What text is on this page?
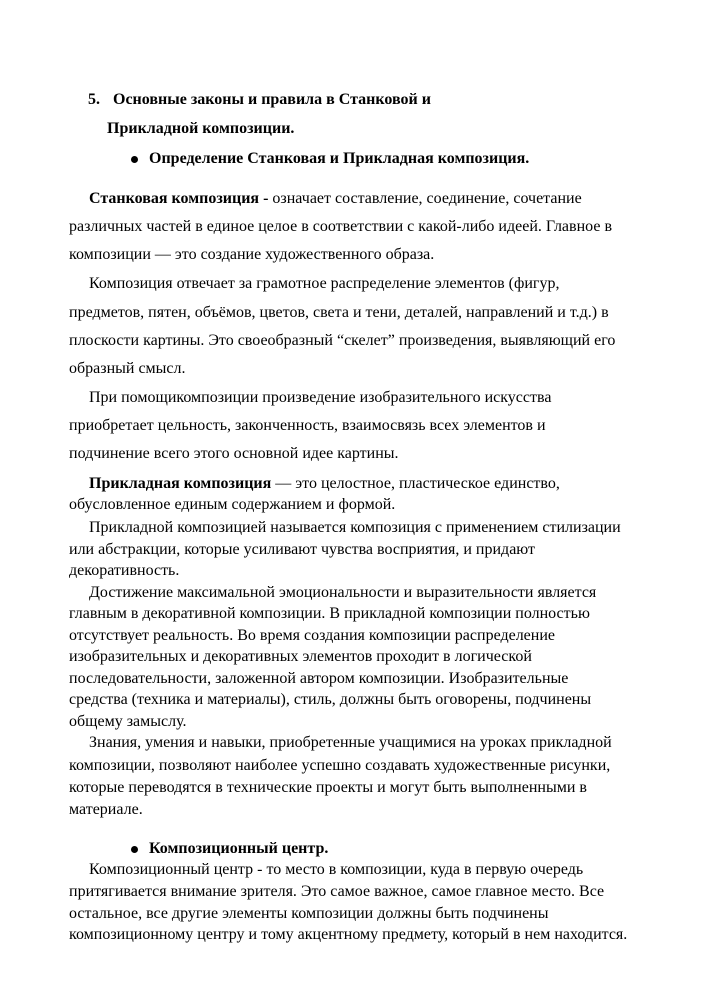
5. Основные законы и правила в Станковой и
Прикладной композиции.
Определение Станковая и Прикладная композиция.
Станковая композиция - означает составление, соединение, сочетание
различных частей в единое целое в соответствии с какой-либо идеей. Главное в
композиции — это создание художественного образа.
Композиция отвечает за грамотное распределение элементов (фигур,
предметов, пятен, объёмов, цветов, света и тени, деталей, направлений и т.д.) в
плоскости картины. Это своеобразный “скелет” произведения, выявляющий его
образный смысл.
При помощикомпозиции произведение изобразительного искусства
приобретает цельность, законченность, взаимосвязь всех элементов и
подчинение всего этого основной идее картины.
Прикладная композиция — это целостное, пластическое единство,
обусловленное единым содержанием и формой.
Прикладной композицией называется композиция с применением стилизации
или абстракции, которые усиливают чувства восприятия, и придают
декоративность.
Достижение максимальной эмоциональности и выразительности является
главным в декоративной композиции. В прикладной композиции полностью
отсутствует реальность. Во время создания композиции распределение
изобразительных и декоративных элементов проходит в логической
последовательности, заложенной автором композиции. Изобразительные
средства (техника и материалы), стиль, должны быть оговорены, подчинены
общему замыслу.
Знания, умения и навыки, приобретенные учащимися на уроках прикладной
композиции, позволяют наиболее успешно создавать художественные рисунки,
которые переводятся в технические проекты и могут быть выполненными в
материале.
Композиционный центр.
Композиционный центр - то место в композиции, куда в первую очередь
притягивается внимание зрителя. Это самое важное, самое главное место. Все
остальное, все другие элементы композиции должны быть подчинены
композиционному центру и тому акцентному предмету, который в нем находится.
